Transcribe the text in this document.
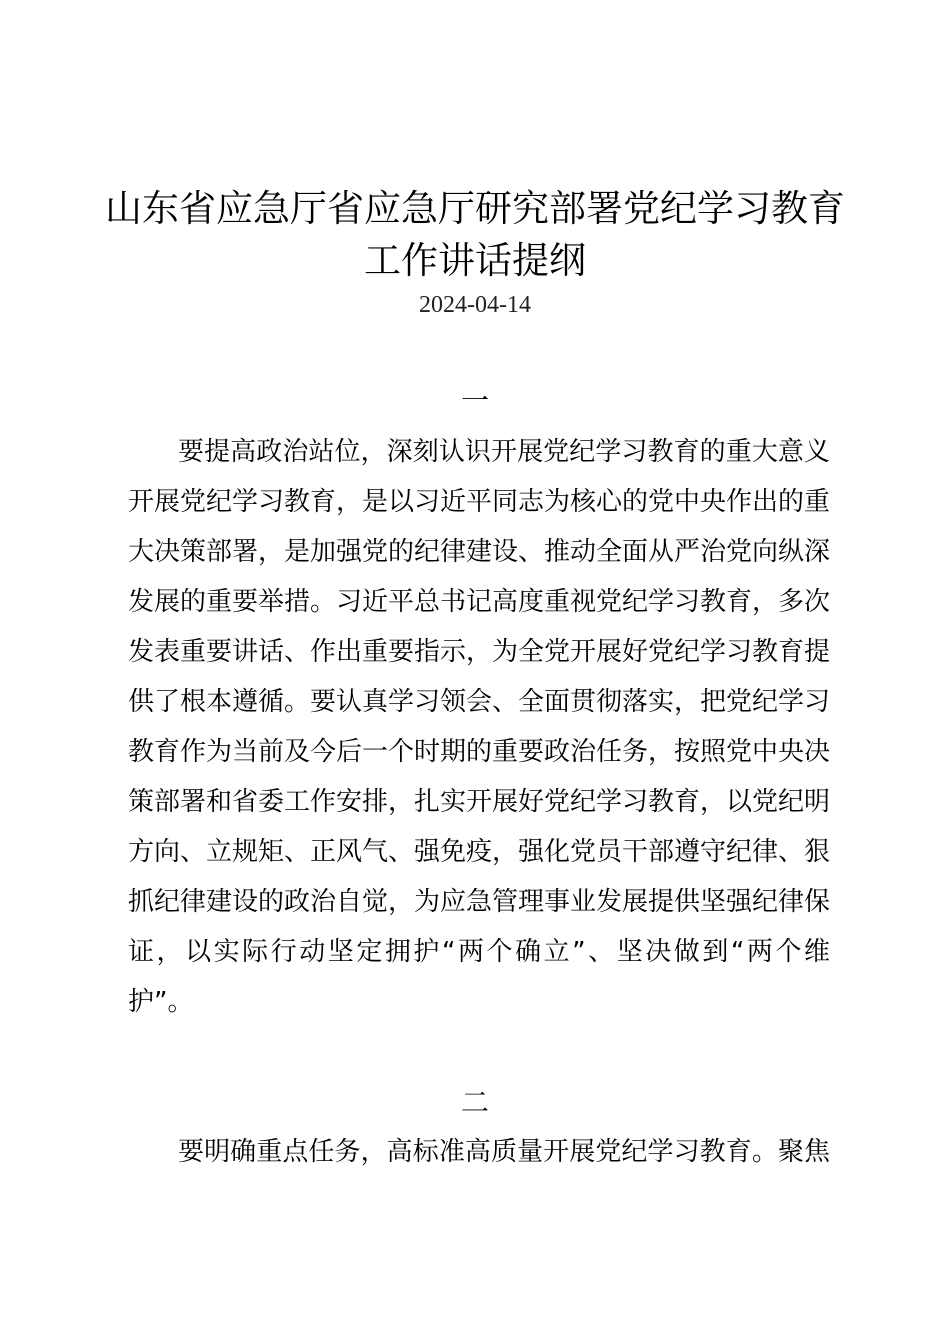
山东省应急厅省应急厅研究部署党纪学习教育
工作讲话提纲
2024-04-14
一
要提高政治站位，深刻认识开展党纪学习教育的重大意义
开展党纪学习教育，是以习近平同志为核心的党中央作出的重
大决策部署，是加强党的纪律建设、推动全面从严治党向纵深
发展的重要举措。习近平总书记高度重视党纪学习教育，多次
发表重要讲话、作出重要指示，为全党开展好党纪学习教育提
供了根本遵循。要认真学习领会、全面贯彻落实，把党纪学习
教育作为当前及今后一个时期的重要政治任务，按照党中央决
策部署和省委工作安排，扎实开展好党纪学习教育，以党纪明
方向、立规矩、正风气、强免疫，强化党员干部遵守纪律、狠
抓纪律建设的政治自觉，为应急管理事业发展提供坚强纪律保
证，以实际行动坚定拥护“两个确立”、坚决做到“两个维
护”。
二
要明确重点任务，高标准高质量开展党纪学习教育。聚焦
